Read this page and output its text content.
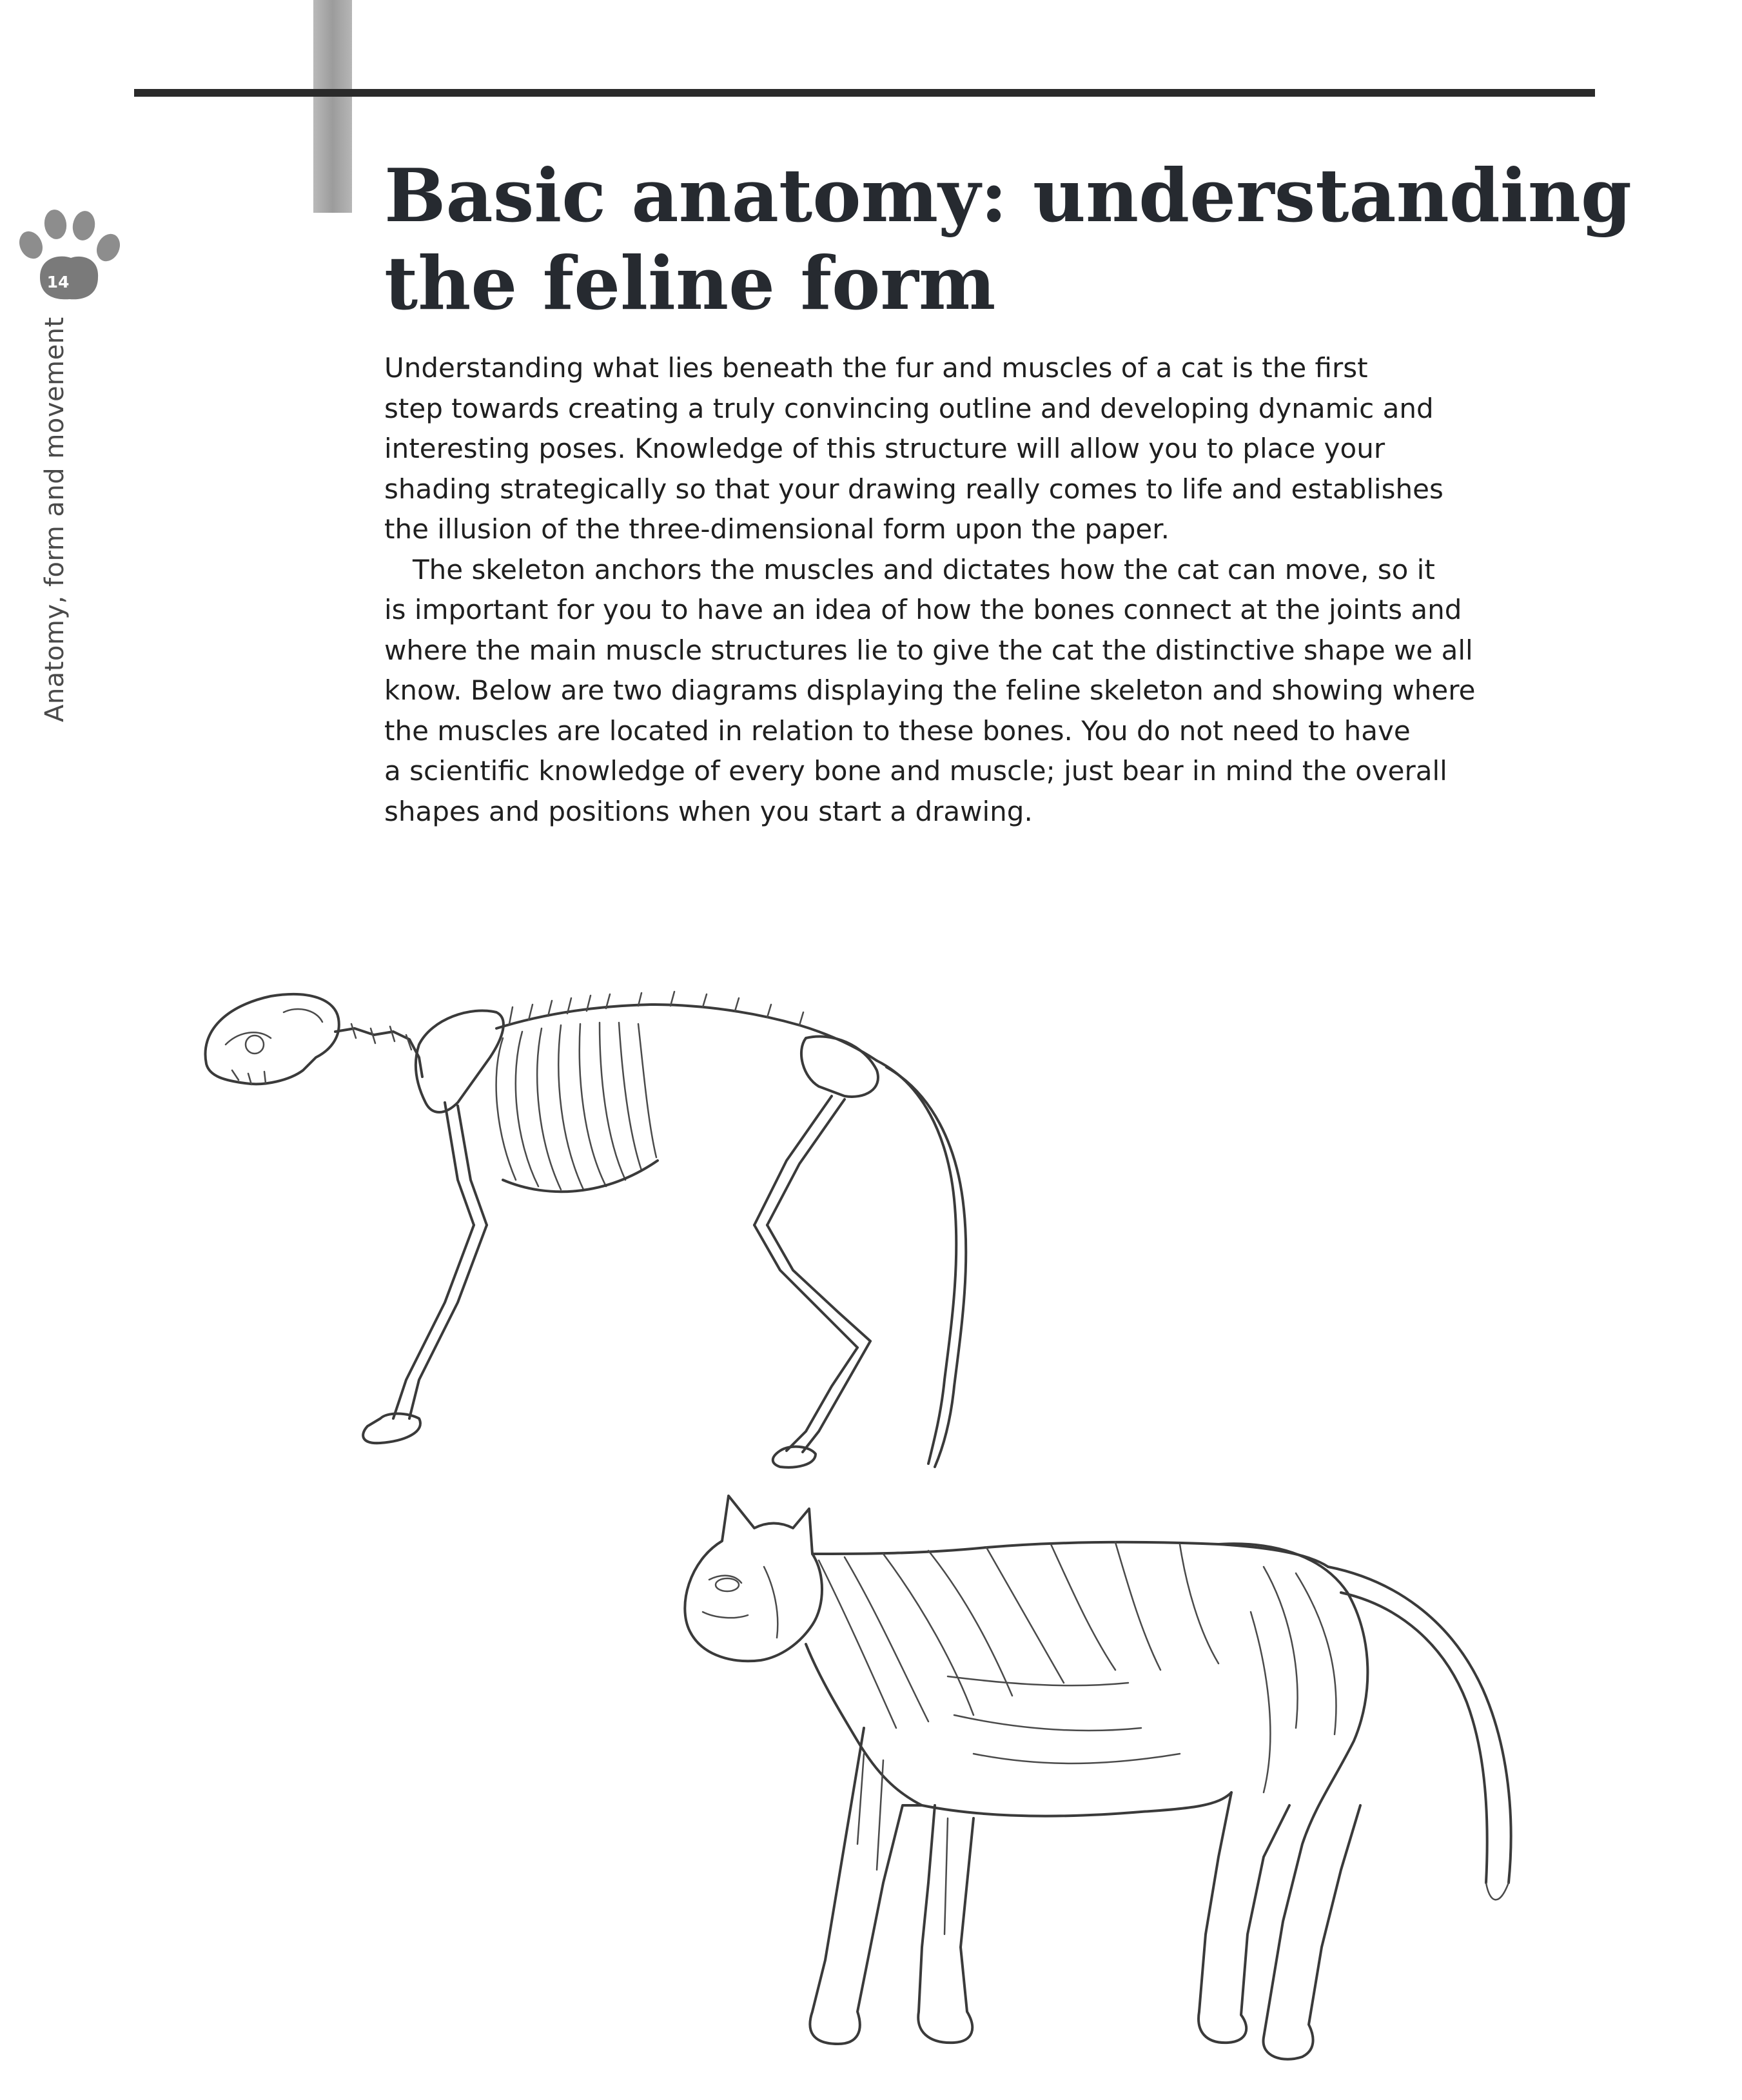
14
Anatomy, form and movement
Basic anatomy: understanding
the feline form

Understanding what lies beneath the fur and muscles of a cat is the first
step towards creating a truly convincing outline and developing dynamic and
interesting poses. Knowledge of this structure will allow you to place your
shading strategically so that your drawing really comes to life and establishes
the illusion of the three-dimensional form upon the paper.

The skeleton anchors the muscles and dictates how the cat can move, so it
is important for you to have an idea of how the bones connect at the joints and
where the main muscle structures lie to give the cat the distinctive shape we all
know. Below are two diagrams displaying the feline skeleton and showing where
the muscles are located in relation to these bones. You do not need to have
a scientific knowledge of every bone and muscle; just bear in mind the overall
shapes and positions when you start a drawing.
